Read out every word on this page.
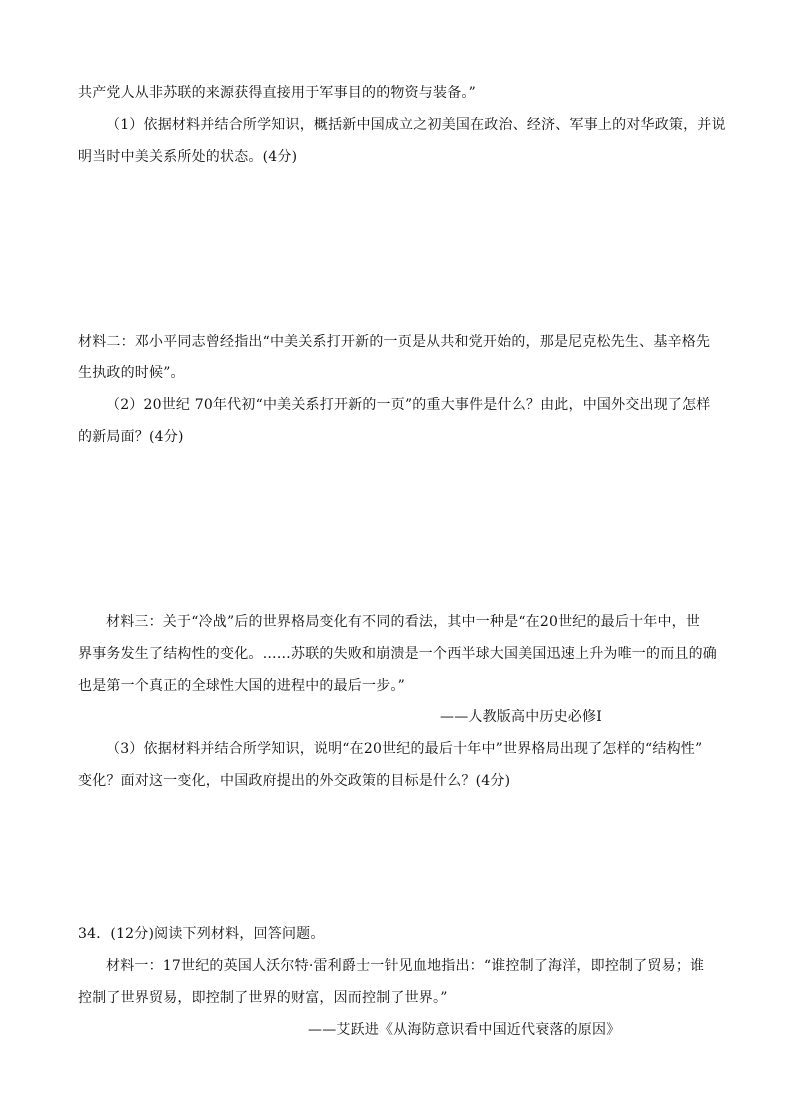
共产党人从非苏联的来源获得直接用于军事目的的物资与装备。”
（1）依据材料并结合所学知识，概括新中国成立之初美国在政治、经济、军事上的对华政策，并说
明当时中美关系所处的状态。(4分)
材料二：邓小平同志曾经指出“中美关系打开新的一页是从共和党开始的，那是尼克松先生、基辛格先
生执政的时候”。
（2）20世纪 70年代初“中美关系打开新的一页”的重大事件是什么？由此，中国外交出现了怎样
的新局面？(4分)
材料三：关于“冷战”后的世界格局变化有不同的看法，其中一种是“在20世纪的最后十年中，世
界事务发生了结构性的变化。……苏联的失败和崩溃是一个西半球大国美国迅速上升为唯一的而且的确
也是第一个真正的全球性大国的进程中的最后一步。”
——人教版高中历史必修Ⅰ
（3）依据材料并结合所学知识，说明“在20世纪的最后十年中”世界格局出现了怎样的“结构性”
变化？面对这一变化，中国政府提出的外交政策的目标是什么？(4分)
34．(12分)阅读下列材料，回答问题。
材料一：17世纪的英国人沃尔特·雷利爵士一针见血地指出：“谁控制了海洋，即控制了贸易；谁
控制了世界贸易，即控制了世界的财富，因而控制了世界。”
——艾跃进《从海防意识看中国近代衰落的原因》
